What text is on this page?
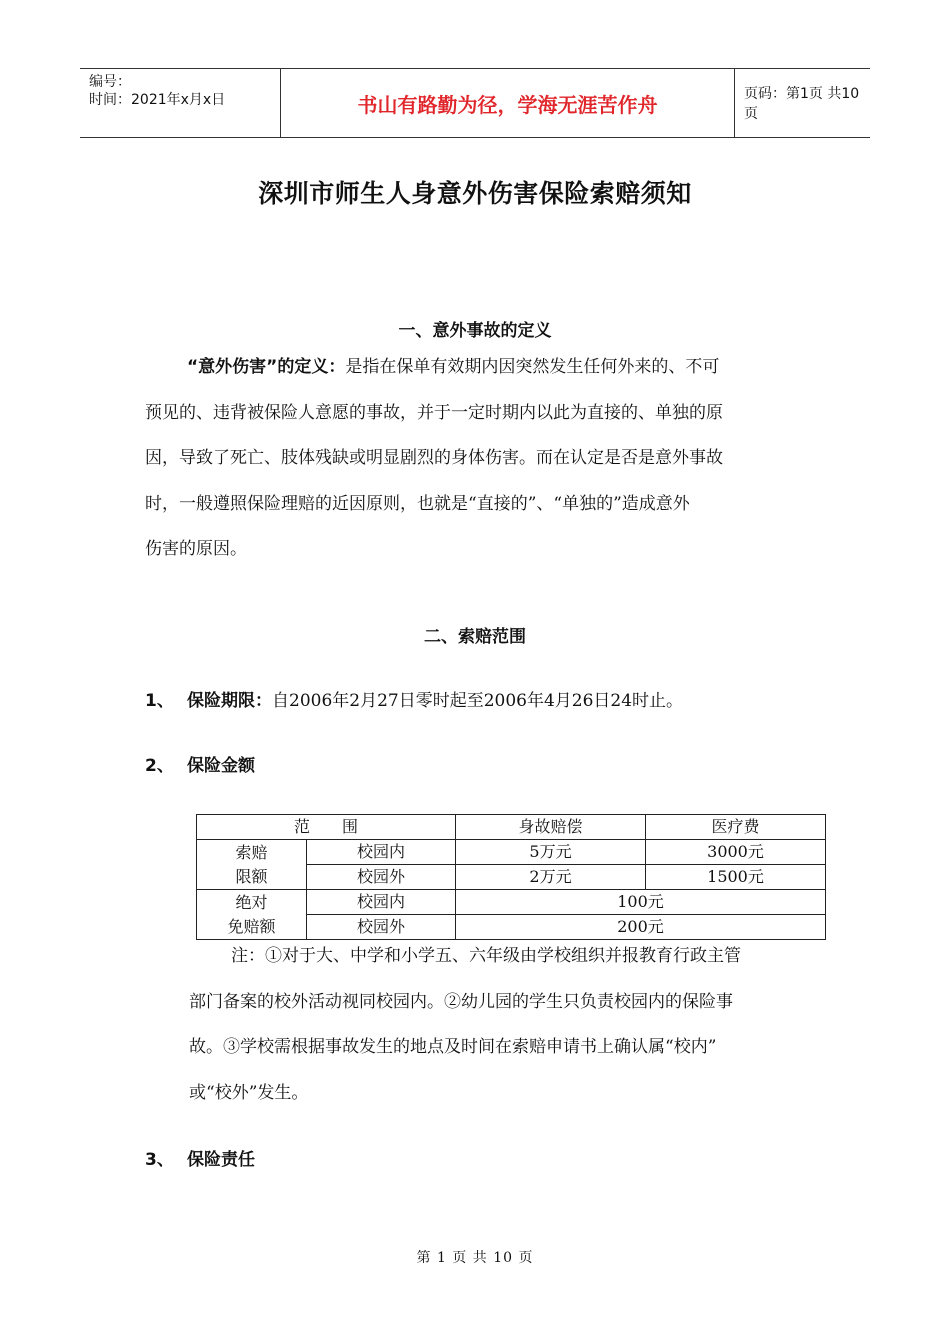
编号：
时间：2021年x月x日	书山有路勤为径，学海无涯苦作舟	页码：第1页 共10页
深圳市师生人身意外伤害保险索赔须知
一、意外事故的定义
“意外伤害”的定义：是指在保单有效期内因突然发生任何外来的、不可
预见的、违背被保险人意愿的事故，并于一定时期内以此为直接的、单独的原
因，导致了死亡、肢体残缺或明显剧烈的身体伤害。而在认定是否是意外事故
时，一般遵照保险理赔的近因原则，也就是“直接的”、“单独的”造成意外
伤害的原因。
二、索赔范围
1、 保险期限：自2006年2月27日零时起至2006年4月26日24时止。
2、 保险金额
范　　围		身故赔偿	医疗费
索赔
限额	校园内	5万元	3000元
	校园外	2万元	1500元
绝对
免赔额	校园内	100元	
	校园外	200元	
注：①对于大、中学和小学五、六年级由学校组织并报教育行政主管
部门备案的校外活动视同校园内。②幼儿园的学生只负责校园内的保险事
故。③学校需根据事故发生的地点及时间在索赔申请书上确认属“校内”
或“校外”发生。
3、 保险责任
第 1 页 共 10 页
